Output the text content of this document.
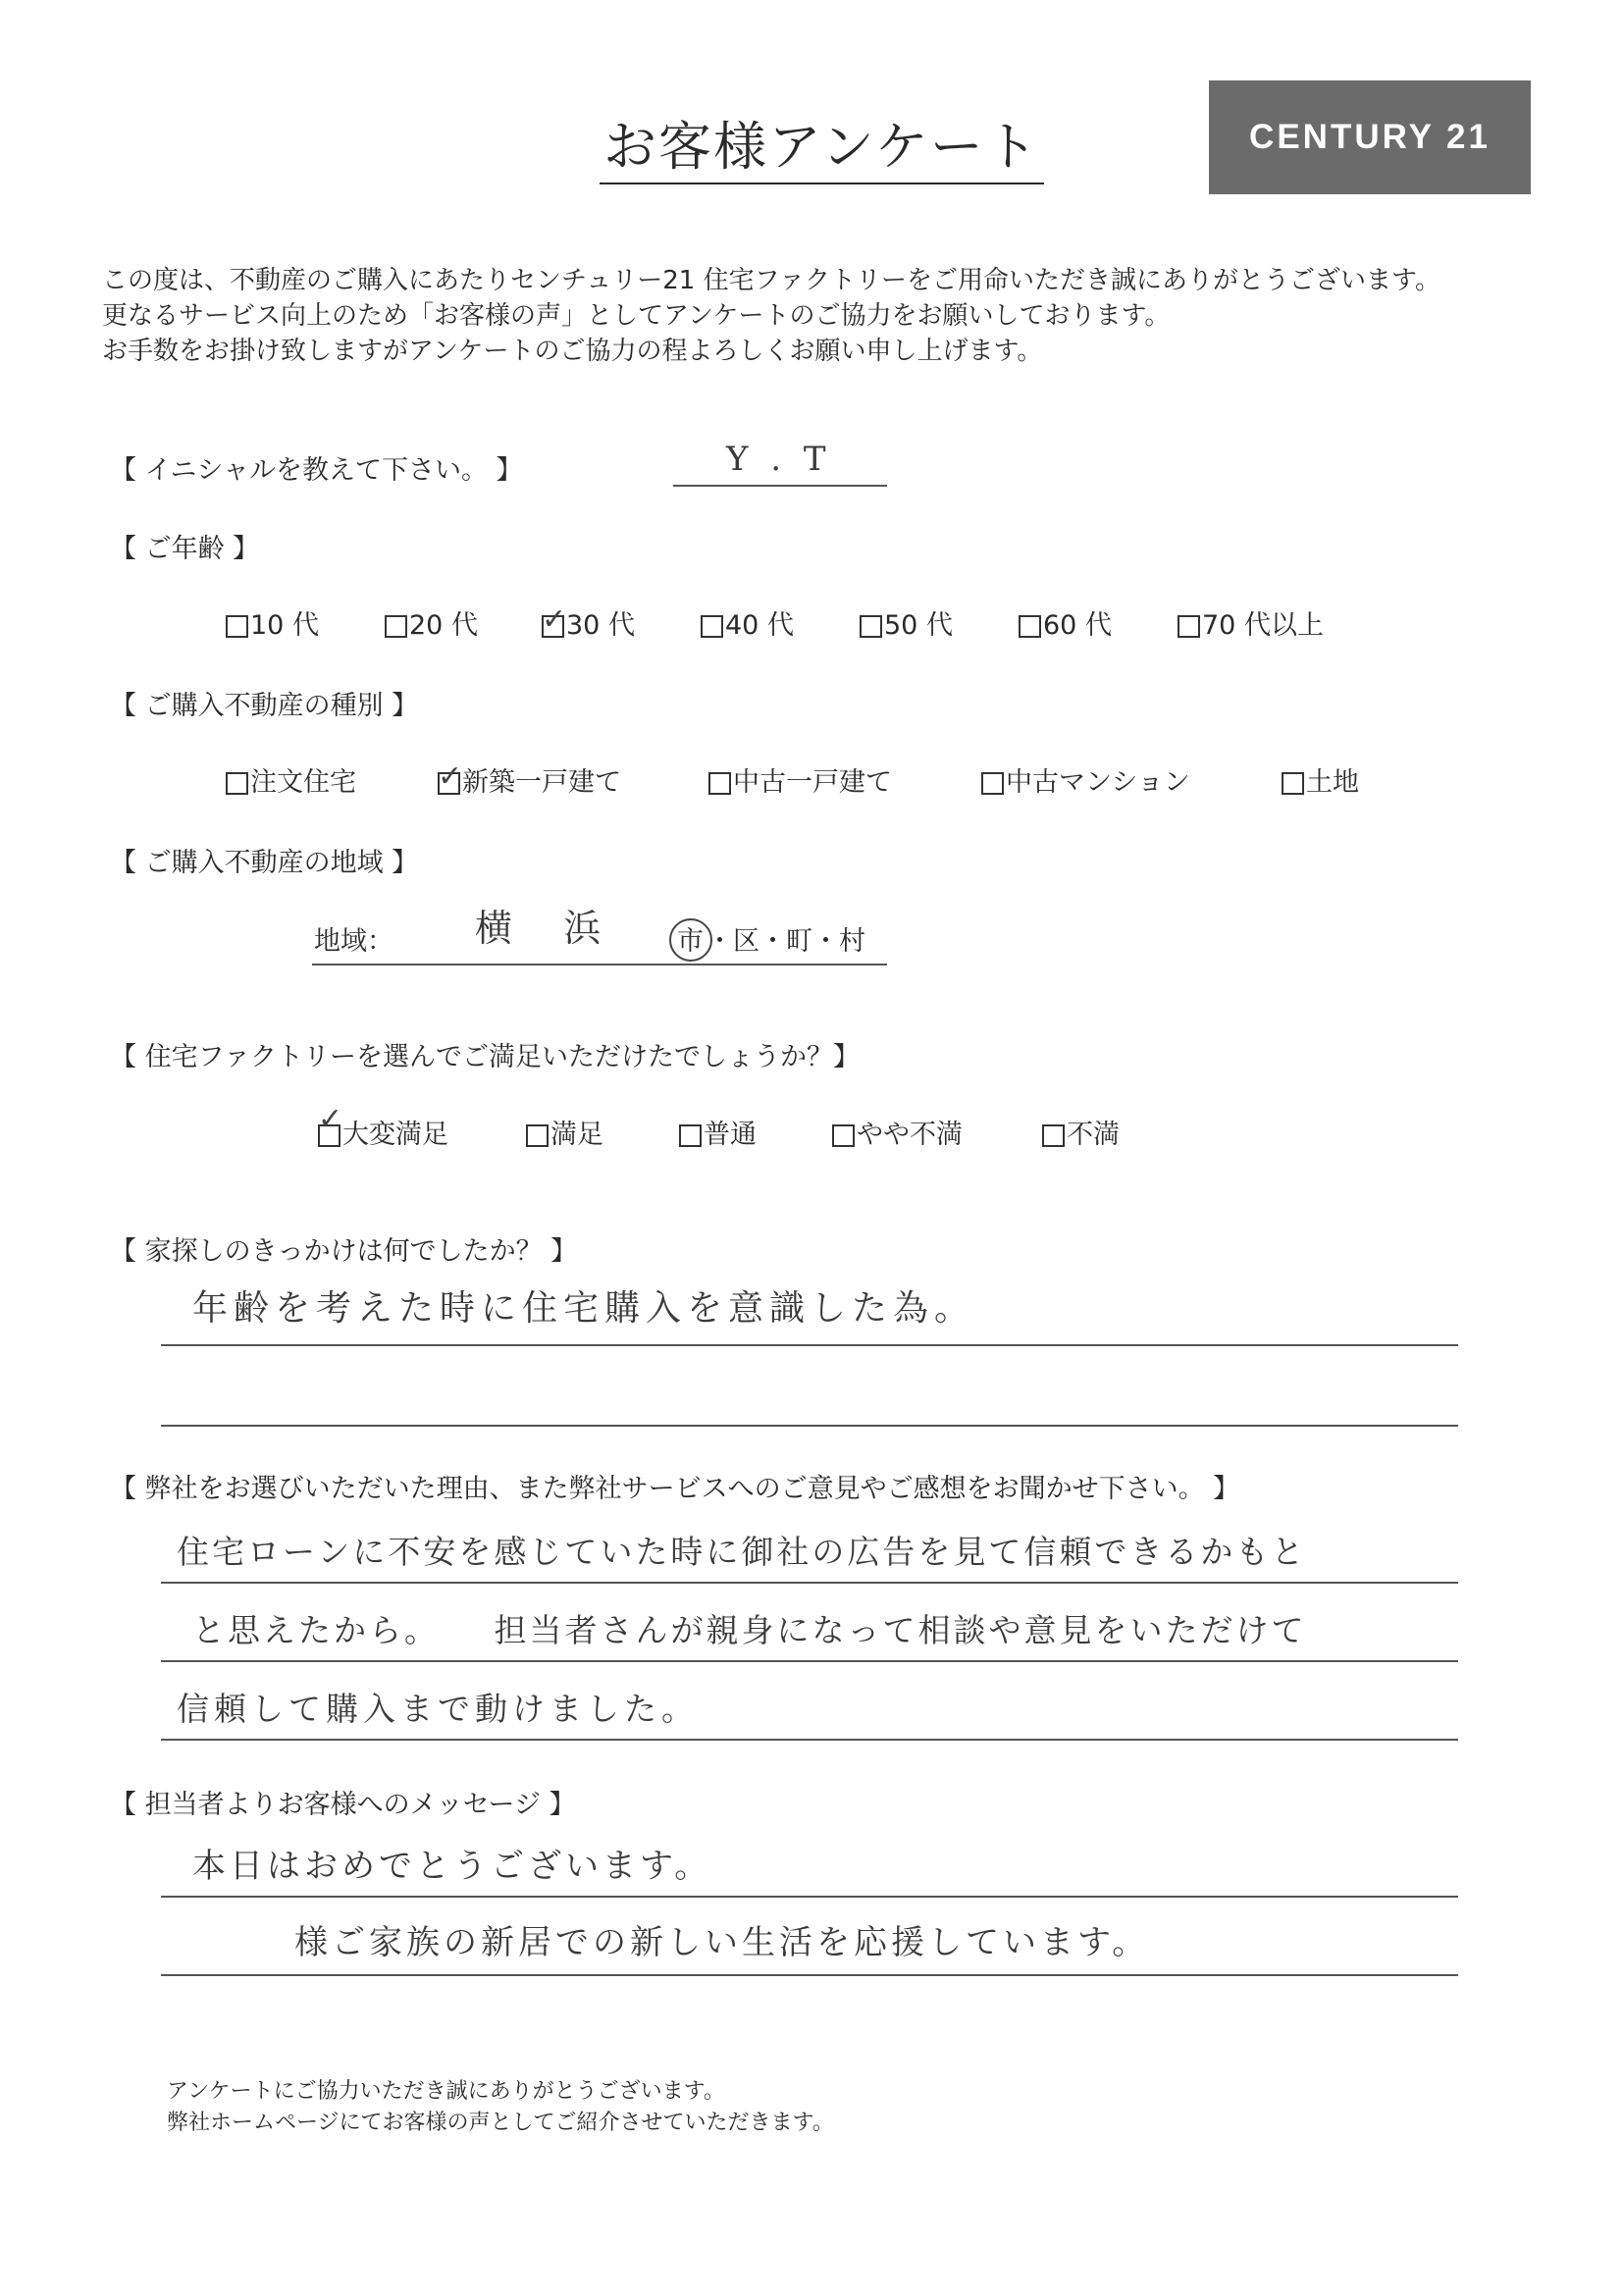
お客様アンケート	CENTURY 21
この度は、不動産のご購入にあたりセンチュリー21 住宅ファクトリーをご用命いただき誠にありがとうございます。
更なるサービス向上のため「お客様の声」としてアンケートのご協力をお願いしております。
お手数をお掛け致しますがアンケートのご協力の程よろしくお願い申し上げます。
【 イニシャルを教えて下さい。 】	Y . T
【 ご年齢 】
10 代	20 代 ✓ 30 代	40 代	50 代	60 代	70 代以上
【 ご購入不動産の種別 】
注文住宅	✓ 新築一戸建て	中古一戸建て	中古マンション	土地
【 ご購入不動産の地域 】
地域： 横 浜 市 ・区・町・村
【 住宅ファクトリーを選んでご満足いただけたでしょうか？】
✓ 大変満足	満足	普通	やや不満	不満
【 家探しのきっかけは何でしたか？ 】
年齢を考えた時に住宅購入を意識した為。
【 弊社をお選びいただいた理由、また弊社サービスへのご意見やご感想をお聞かせ下さい。 】
住宅ローンに不安を感じていた時に御社の広告を見て信頼できるかもと
と思えたから。　　担当者さんが親身になって相談や意見をいただけて
信頼して購入まで動けました。
【 担当者よりお客様へのメッセージ 】
本日はおめでとうございます。
様ご家族の新居での新しい生活を応援しています。
アンケートにご協力いただき誠にありがとうございます。
弊社ホームページにてお客様の声としてご紹介させていただきます。
